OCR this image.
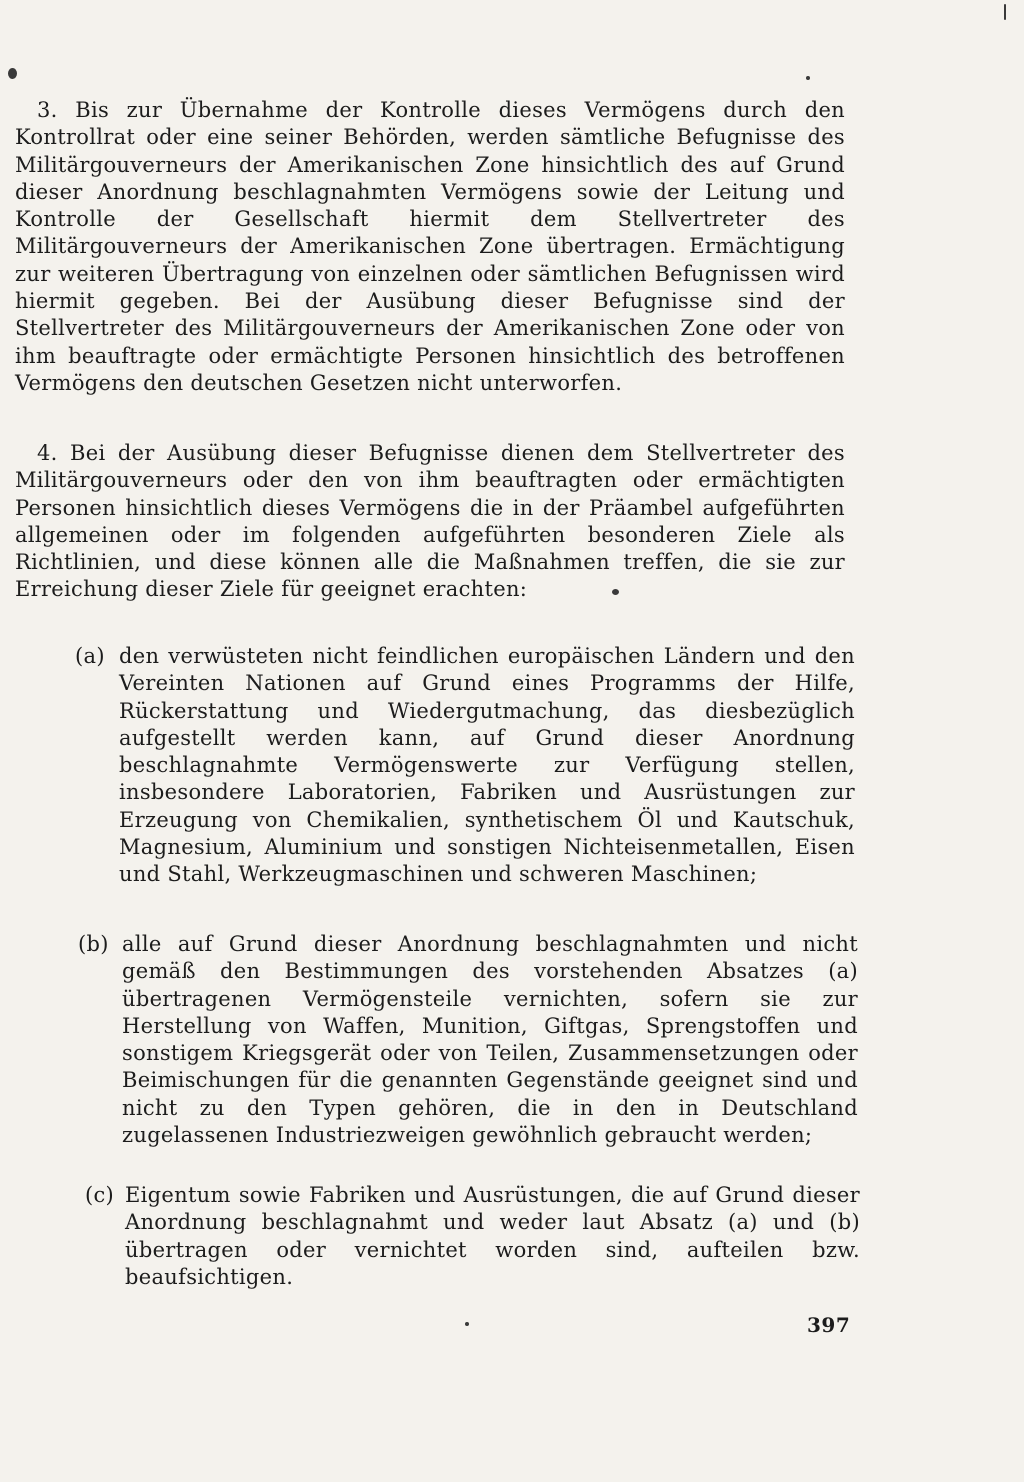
3. Bis zur Übernahme der Kontrolle dieses Vermögens durch den Kontrollrat oder eine seiner Behörden, werden sämtliche Befugnisse des Militärgouverneurs der Amerikanischen Zone hinsichtlich des auf Grund dieser Anordnung beschlagnahmten Vermögens sowie der Leitung und Kontrolle der Gesellschaft hiermit dem Stellvertreter des Militärgouverneurs der Amerikanischen Zone übertragen. Ermächtigung zur weiteren Übertragung von einzelnen oder sämtlichen Befugnissen wird hiermit gegeben. Bei der Ausübung dieser Befugnisse sind der Stellvertreter des Militärgouverneurs der Amerikanischen Zone oder von ihm beauftragte oder ermächtigte Personen hinsichtlich des betroffenen Vermögens den deutschen Gesetzen nicht unterworfen.
4. Bei der Ausübung dieser Befugnisse dienen dem Stellvertreter des Militärgouverneurs oder den von ihm beauftragten oder ermächtigten Personen hinsichtlich dieses Vermögens die in der Präambel aufgeführten allgemeinen oder im folgenden aufgeführten besonderen Ziele als Richtlinien, und diese können alle die Maßnahmen treffen, die sie zur Erreichung dieser Ziele für geeignet erachten:
(a) den verwüsteten nicht feindlichen europäischen Ländern und den Vereinten Nationen auf Grund eines Programms der Hilfe, Rückerstattung und Wiedergutmachung, das diesbezüglich aufgestellt werden kann, auf Grund dieser Anordnung beschlagnahmte Vermögenswerte zur Verfügung stellen, insbesondere Laboratorien, Fabriken und Ausrüstungen zur Erzeugung von Chemikalien, synthetischem Öl und Kautschuk, Magnesium, Aluminium und sonstigen Nichteisenmetallen, Eisen und Stahl, Werkzeugmaschinen und schweren Maschinen;
(b) alle auf Grund dieser Anordnung beschlagnahmten und nicht gemäß den Bestimmungen des vorstehenden Absatzes (a) übertragenen Vermögensteile vernichten, sofern sie zur Herstellung von Waffen, Munition, Giftgas, Sprengstoffen und sonstigem Kriegsgerät oder von Teilen, Zusammensetzungen oder Beimischungen für die genannten Gegenstände geeignet sind und nicht zu den Typen gehören, die in den in Deutschland zugelassenen Industriezweigen gewöhnlich gebraucht werden;
(c) Eigentum sowie Fabriken und Ausrüstungen, die auf Grund dieser Anordnung beschlagnahmt und weder laut Absatz (a) und (b) übertragen oder vernichtet worden sind, aufteilen bzw. beaufsichtigen.
397
